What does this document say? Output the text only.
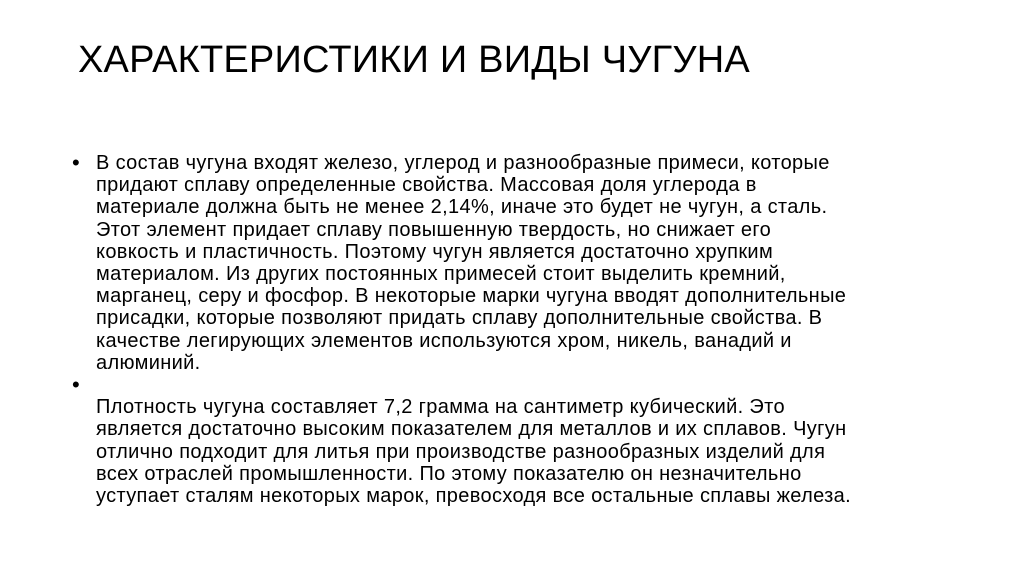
ХАРАКТЕРИСТИКИ И ВИДЫ ЧУГУНА
• В состав чугуна входят железо, углерод и разнообразные примеси, которые
придают сплаву определенные свойства. Массовая доля углерода в
материале должна быть не менее 2,14%, иначе это будет не чугун, а сталь.
Этот элемент придает сплаву повышенную твердость, но снижает его
ковкость и пластичность. Поэтому чугун является достаточно хрупким
материалом. Из других постоянных примесей стоит выделить кремний,
марганец, серу и фосфор. В некоторые марки чугуна вводят дополнительные
присадки, которые позволяют придать сплаву дополнительные свойства. В
качестве легирующих элементов используются хром, никель, ванадий и
алюминий.
•
Плотность чугуна составляет 7,2 грамма на сантиметр кубический. Это
является достаточно высоким показателем для металлов и их сплавов. Чугун
отлично подходит для литья при производстве разнообразных изделий для
всех отраслей промышленности. По этому показателю он незначительно
уступает сталям некоторых марок, превосходя все остальные сплавы железа.
